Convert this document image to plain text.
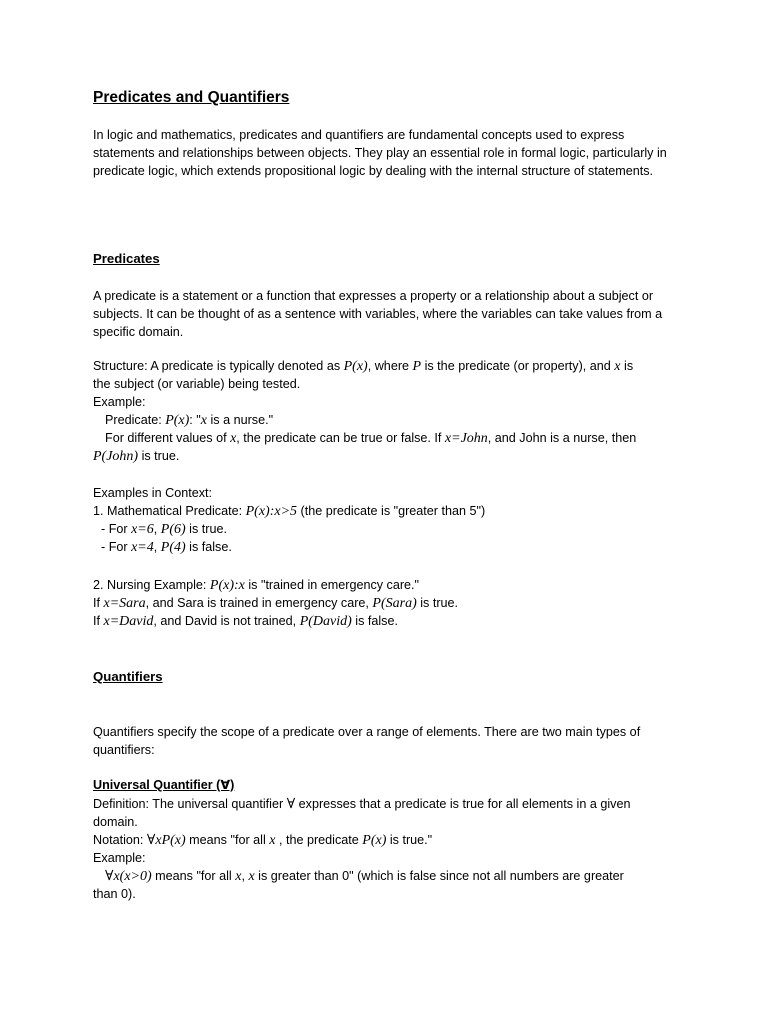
Predicates and Quantifiers
In logic and mathematics, predicates and quantifiers are fundamental concepts used to express statements and relationships between objects. They play an essential role in formal logic, particularly in predicate logic, which extends propositional logic by dealing with the internal structure of statements.
Predicates
A predicate is a statement or a function that expresses a property or a relationship about a subject or subjects. It can be thought of as a sentence with variables, where the variables can take values from a specific domain.
Structure: A predicate is typically denoted as P(x), where P is the predicate (or property), and x is
the subject (or variable) being tested.
Example:
Predicate: P(x): "x is a nurse."
For different values of x, the predicate can be true or false. If x=John, and John is a nurse, then
P(John) is true.
Examples in Context:
1. Mathematical Predicate: P(x):x>5 (the predicate is "greater than 5")
- For x=6, P(6) is true.
- For x=4, P(4) is false.
2. Nursing Example: P(x):x is "trained in emergency care."
If x=Sara, and Sara is trained in emergency care, P(Sara) is true.
If x=David, and David is not trained, P(David) is false.
Quantifiers
Quantifiers specify the scope of a predicate over a range of elements. There are two main types of quantifiers:
Universal Quantifier (∀)
Definition: The universal quantifier ∀ expresses that a predicate is true for all elements in a given
domain.
Notation: ∀xP(x) means "for all x , the predicate P(x) is true."
Example:
∀x(x>0) means "for all x, x is greater than 0" (which is false since not all numbers are greater
than 0).
